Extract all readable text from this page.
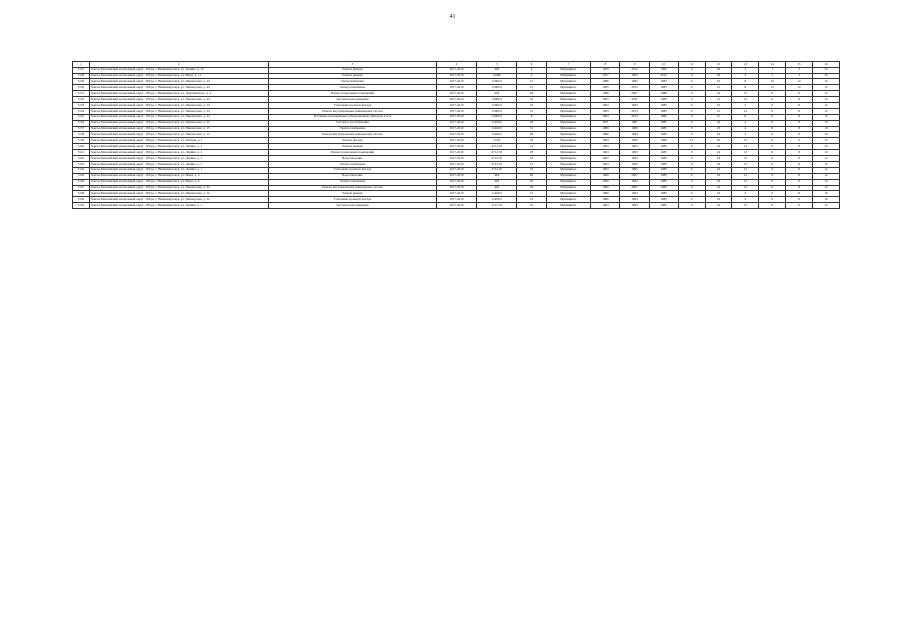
41
1	2	3	4	5	6	7	8	9	10	11	12	13	14	15	16
5127	Ханты-Мансийский автономный округ - Югра, г. Нижневартовск, ул. Ленина, д. 15	Ремонт крыши	2017-2019	406	4	Муниципал.	1970	2012	1995	0	40	3	1	3	35
5128	Ханты-Мансийский автономный округ - Югра, г. Нижневартовск, ул. Мира, д. 11	Ремонт крыши	2017-2019	41686	2	Муниципал.	1977	1993	2012	0	40	3	1	3	35
5129	Ханты-Мансийский автономный округ - Югра, г. Нижневартовск, ул. Пионерская, д. 44	Теплоснабжение	2017-2019	12000,2	21	Муниципал.	1986	1995	1983	0	22	8	10	12	15
5130	Ханты-Мансийский автономный округ - Югра, г. Нижневартовск, ул. Пионерская, д. 44	Электроснабжение	2017-2019	12000,2	21	Муниципал.	1965	2013	1985	0	21	8	15	12	15
5131	Ханты-Мансийский автономный округ - Югра, г. Нижневартовск, ул. Дзержинского, д. 4	Ремонт подвальных помещений	2017-2019	462	29	Муниципал.	1988	2007	1988	0	24	12	9	8	12
5132	Ханты-Мансийский автономный округ - Югра, г. Нижневартовск, ул. Пионерская, д. 34	Система водоотведения	2017-2019	12000,2	19	Муниципал.	1963	2011	1985	0	21	12	9	8	12
5133	Ханты-Мансийский автономный округ - Югра, г. Нижневартовск, ул. Пионерская, д. 34	Утепление и ремонт фасада	2017-2019	12000,2	10	Муниципал.	1963	1993	1985	0	22	5	9	8	12
5134	Ханты-Мансийский автономный округ - Югра, г. Нижневартовск, ул. Пионерская, д. 34	Ремонт внутридомовых инженерных систем	2017-2019	12000,2	12	Муниципал.	1963	2013	1985	0	21	12	9	8	12
5135	Ханты-Мансийский автономный округ - Югра, г. Нижневартовск, ул. Пионерская, д. 34	Установка коллективных (общедомовых) приборов учета	2017-2019	12000,2	8	Муниципал.	1963	2013	1985	0	21	8	9	8	12
5136	Ханты-Мансийский автономный округ - Югра, г. Нижневартовск, ул. Пионерская, д. 32	Система газоснабжения	2017-2019	11400,5	40	Муниципал.	1971	1981	1985	0	24	4	9	8	10
5137	Ханты-Мансийский автономный округ - Югра, г. Нижневартовск, ул. Пионерская, д. 15	Электроснабжение	2017-2019	11400,5	31	Муниципал.	1980	1989	1985	0	23	4	9	8	10
5138	Ханты-Мансийский автономный округ - Югра, г. Нижневартовск, ул. Пионерская, д. 15	Ремонт внутридомовых инженерных систем	2017-2019	11400,5	28	Муниципал.	1980	1994	1985	0	24	4	9	8	10
5139	Ханты-Мансийский автономный округ - Югра, г. Нижневартовск, ул. Победы, д. 1	Ремонт фасада	2017-2019	5742	26	Муниципал.	1994	1993	1999	15	20	12	9	9	15
5140	Ханты-Мансийский автономный округ - Югра, г. Нижневартовск, ул. Ленина, д. 1	Ремонт крыши	2017-2019	4712,35	14	Муниципал.	1963	1993	1985	0	24	12	9	8	12
5141	Ханты-Мансийский автономный округ - Югра, г. Нижневартовск, ул. Ленина, д. 1	Ремонт подвальных помещений	2017-2019	4712,35	28	Муниципал.	1963	1993	1985	0	24	12	9	8	12
5142	Ханты-Мансийский автономный округ - Югра, г. Нижневартовск, ул. Ленина, д. 1	Водоотведение	2017-2019	4712,35	19	Муниципал.	1963	1993	1985	0	24	12	9	8	12
5143	Ханты-Мансийский автономный округ - Югра, г. Нижневартовск, ул. Ленина, д. 1	Электроснабжение	2017-2019	4712,35	21	Муниципал.	1963	1993	1985	0	24	12	9	8	12
5144	Ханты-Мансийский автономный округ - Югра, г. Нижневартовск, ул. Ленина, д. 1	Утепление и ремонт фасада	2017-2019	4712,35	19	Муниципал.	1963	1993	1985	0	24	12	9	8	12
5145	Ханты-Мансийский автономный округ - Югра, г. Нижневартовск, ул. Мира, д. 4	Водоотведение	2017-2019	462	20	Муниципал.	1966	2007	1985	0	24	12	9	8	12
5146	Ханты-Мансийский автономный округ - Югра, г. Нижневартовск, ул. Мира, д. 4	Электроснабжение	2017-2019	462	26	Муниципал.	1966	1993	1985	0	24	12	9	8	12
5147	Ханты-Мансийский автономный округ - Югра, г. Нижневартовск, ул. Пионерская, д. 32	Ремонт внутридомовых инженерных систем	2017-2019	462	29	Муниципал.	1966	2007	1985	0	24	12	9	8	12
5148	Ханты-Мансийский автономный округ - Югра, г. Нижневартовск, ул. Пионерская, д. 32	Ремонт крыши	2017-2019	11400,5	14	Муниципал.	1980	1994	1985	0	24	4	9	8	10
5149	Ханты-Мансийский автономный округ - Югра, г. Нижневартовск, ул. Пионерская, д. 32	Утепление и ремонт фасада	2017-2019	11400,5	19	Муниципал.	1980	1994	1985	0	24	4	9	8	10
5150	Ханты-Мансийский автономный округ - Югра, г. Нижневартовск, ул. Ленина, д. 1	Система водоотведения	2017-2019	4712,35	19	Муниципал.	1963	1993	1985	0	24	12	9	8	12
